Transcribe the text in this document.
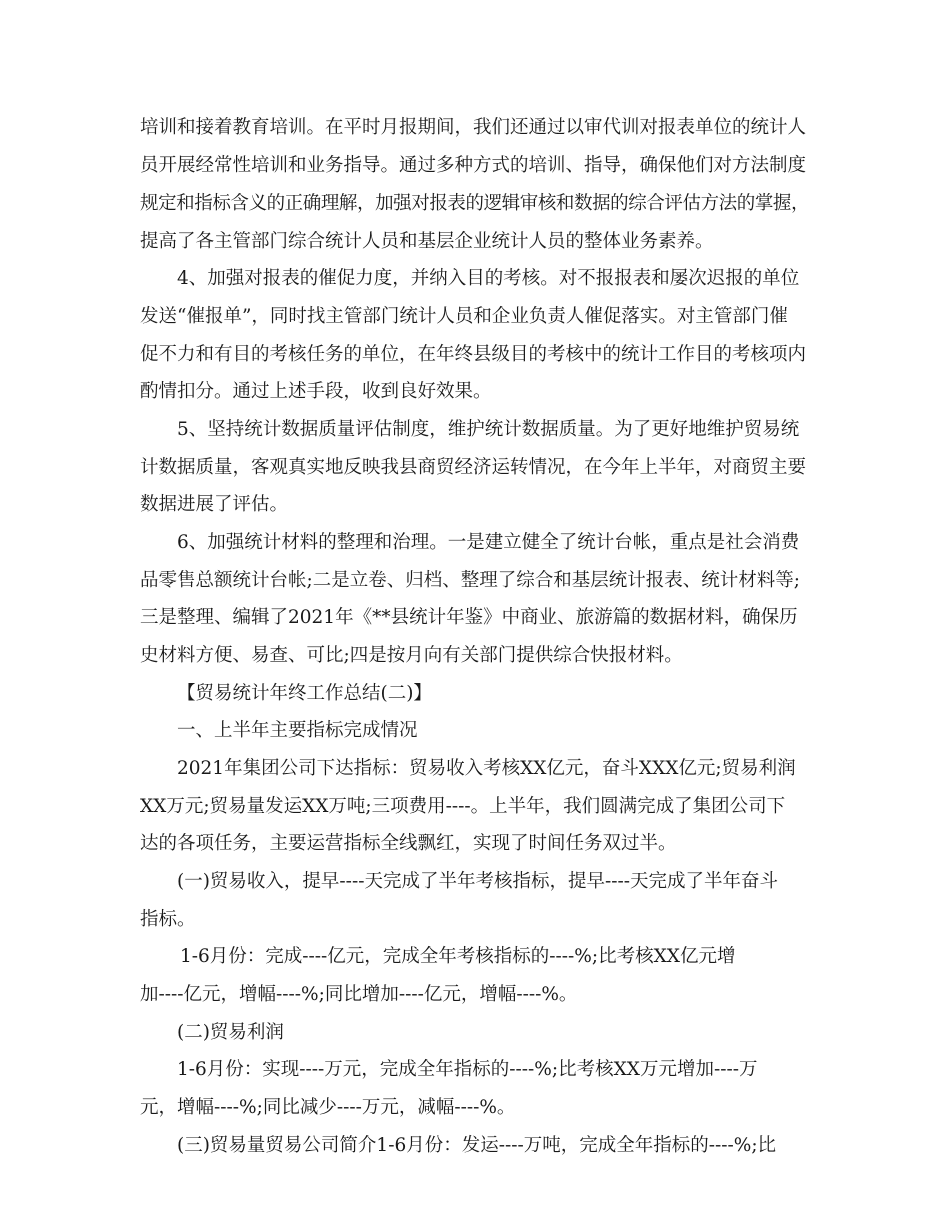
培训和接着教育培训。在平时月报期间，我们还通过以审代训对报表单位的统计人
员开展经常性培训和业务指导。通过多种方式的培训、指导，确保他们对方法制度
规定和指标含义的正确理解，加强对报表的逻辑审核和数据的综合评估方法的掌握，
提高了各主管部门综合统计人员和基层企业统计人员的整体业务素养。
4、加强对报表的催促力度，并纳入目的考核。对不报报表和屡次迟报的单位
发送“催报单”，同时找主管部门统计人员和企业负责人催促落实。对主管部门催
促不力和有目的考核任务的单位，在年终县级目的考核中的统计工作目的考核项内
酌情扣分。通过上述手段，收到良好效果。
5、坚持统计数据质量评估制度，维护统计数据质量。为了更好地维护贸易统
计数据质量，客观真实地反映我县商贸经济运转情况，在今年上半年，对商贸主要
数据进展了评估。
6、加强统计材料的整理和治理。一是建立健全了统计台帐，重点是社会消费
品零售总额统计台帐;二是立卷、归档、整理了综合和基层统计报表、统计材料等;
三是整理、编辑了2021年《**县统计年鉴》中商业、旅游篇的数据材料，确保历
史材料方便、易查、可比;四是按月向有关部门提供综合快报材料。
【贸易统计年终工作总结(二)】
一、上半年主要指标完成情况
2021年集团公司下达指标：贸易收入考核XX亿元，奋斗XXX亿元;贸易利润
XX万元;贸易量发运XX万吨;三项费用----。上半年，我们圆满完成了集团公司下
达的各项任务，主要运营指标全线飘红，实现了时间任务双过半。
(一)贸易收入，提早----天完成了半年考核指标，提早----天完成了半年奋斗
指标。
1-6月份：完成----亿元，完成全年考核指标的----%;比考核XX亿元增
加----亿元，增幅----%;同比增加----亿元，增幅----%。
(二)贸易利润
1-6月份：实现----万元，完成全年指标的----%;比考核XX万元增加----万
元，增幅----%;同比减少----万元，减幅----%。
(三)贸易量贸易公司简介1-6月份：发运----万吨，完成全年指标的----%;比
